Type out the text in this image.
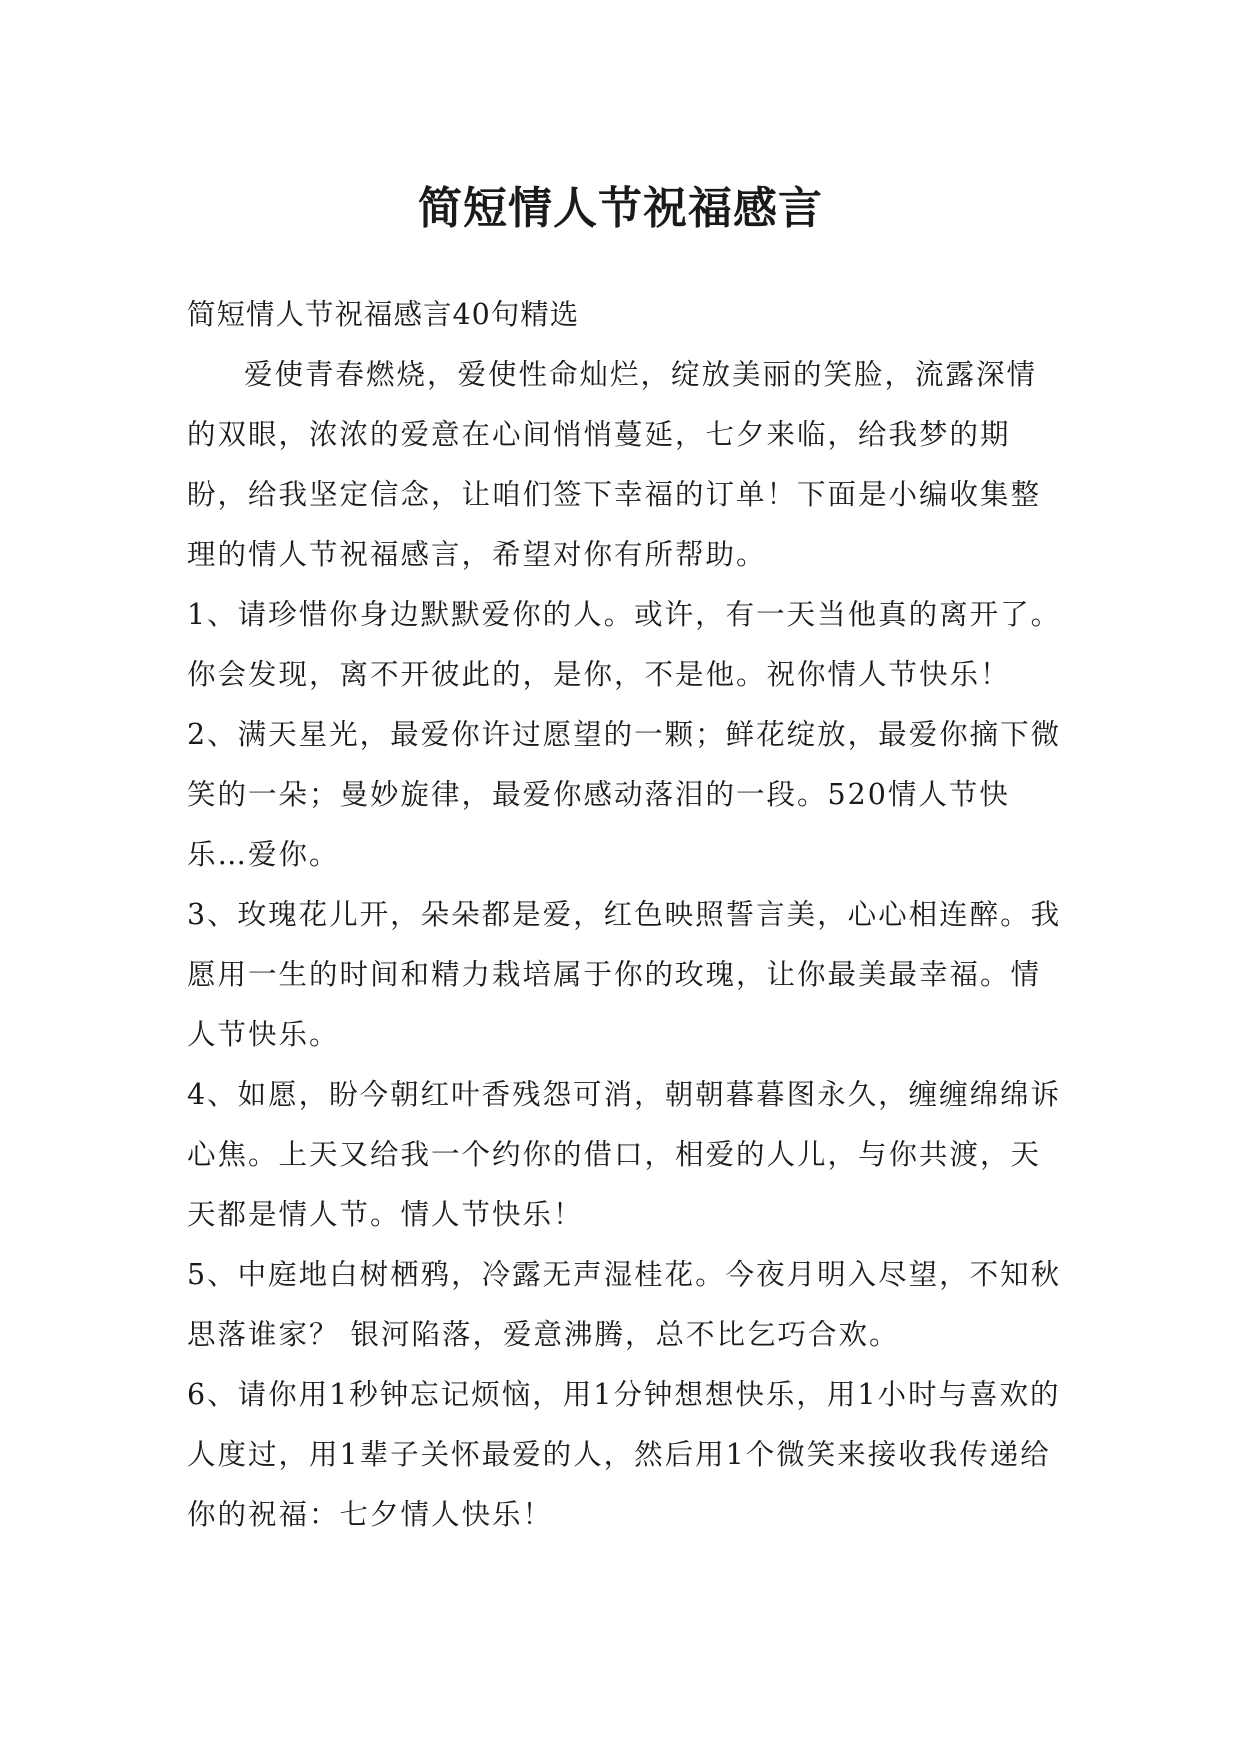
简短情人节祝福感言

简短情人节祝福感言40句精选

爱使青春燃烧，爱使性命灿烂，绽放美丽的笑脸，流露深情的双眼，浓浓的爱意在心间悄悄蔓延，七夕来临，给我梦的期盼，给我坚定信念，让咱们签下幸福的订单！下面是小编收集整理的情人节祝福感言，希望对你有所帮助。

1、请珍惜你身边默默爱你的人。或许，有一天当他真的离开了。你会发现，离不开彼此的，是你，不是他。祝你情人节快乐！

2、满天星光，最爱你许过愿望的一颗；鲜花绽放，最爱你摘下微笑的一朵；曼妙旋律，最爱你感动落泪的一段。520情人节快乐…爱你。

3、玫瑰花儿开，朵朵都是爱，红色映照誓言美，心心相连醉。我愿用一生的时间和精力栽培属于你的玫瑰，让你最美最幸福。情人节快乐。

4、如愿，盼今朝红叶香残怨可消，朝朝暮暮图永久，缠缠绵绵诉心焦。上天又给我一个约你的借口，相爱的人儿，与你共渡，天天都是情人节。情人节快乐！

5、中庭地白树栖鸦，冷露无声湿桂花。今夜月明入尽望，不知秋思落谁家？ 银河陷落，爱意沸腾，总不比乞巧合欢。

6、请你用1秒钟忘记烦恼，用1分钟想想快乐，用1小时与喜欢的人度过，用1辈子关怀最爱的人，然后用1个微笑来接收我传递给你的祝福：七夕情人快乐！
